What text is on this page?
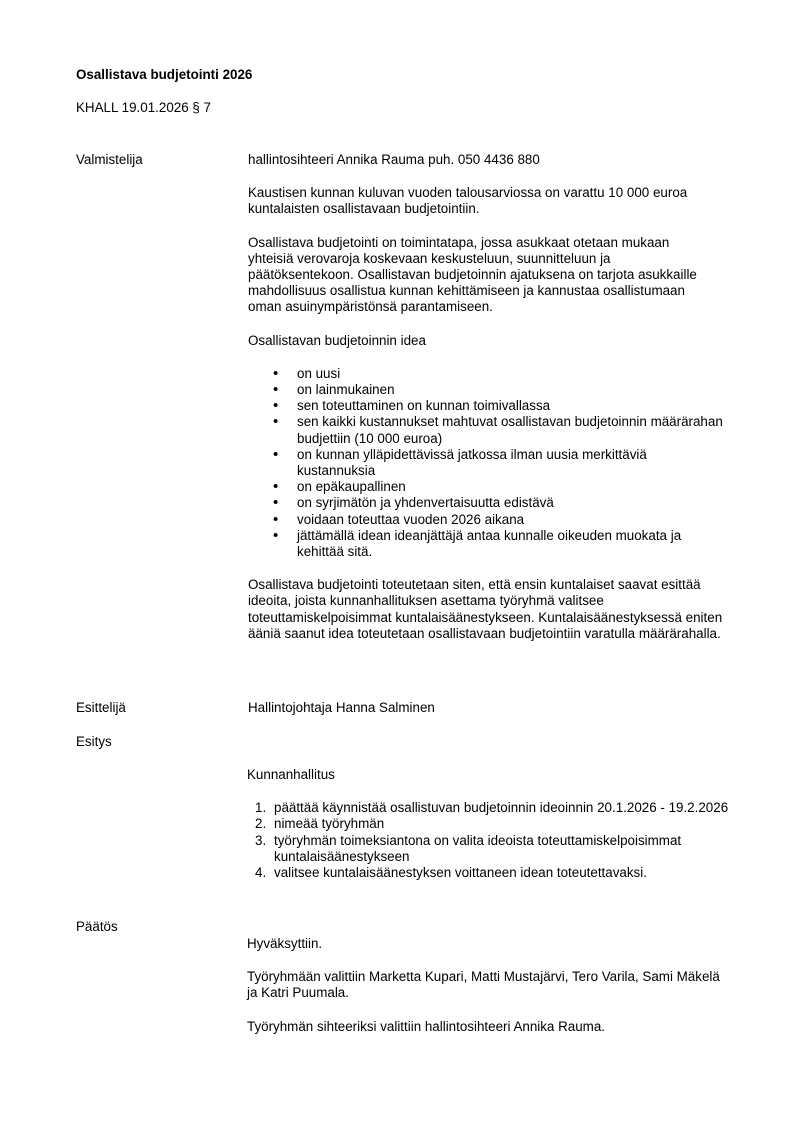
Osallistava budjetointi 2026
KHALL 19.01.2026 § 7
Valmistelija	hallintosihteeri Annika Rauma puh. 050 4436 880

Kaustisen kunnan kuluvan vuoden talousarviossa on varattu 10 000 euroa kuntalaisten osallistavaan budjetointiin.

Osallistava budjetointi on toimintatapa, jossa asukkaat otetaan mukaan yhteisiä verovaroja koskevaan keskusteluun, suunnitteluun ja päätöksentekoon. Osallistavan budjetoinnin ajatuksena on tarjota asukkaille mahdollisuus osallistua kunnan kehittämiseen ja kannustaa osallistumaan oman asuinympäristönsä parantamiseen.

Osallistavan budjetoinnin idea

• on uusi
• on lainmukainen
• sen toteuttaminen on kunnan toimivallassa
• sen kaikki kustannukset mahtuvat osallistavan budjetoinnin määrärahan budjettiin (10 000 euroa)
• on kunnan ylläpidettävissä jatkossa ilman uusia merkittäviä kustannuksia
• on epäkaupallinen
• on syrjimätön ja yhdenvertaisuutta edistävä
• voidaan toteuttaa vuoden 2026 aikana
• jättämällä idean ideanjättäjä antaa kunnalle oikeuden muokata ja kehittää sitä.

Osallistava budjetointi toteutetaan siten, että ensin kuntalaiset saavat esittää ideoita, joista kunnanhallituksen asettama työryhmä valitsee toteuttamiskelpoisimmat kuntalaisäänestykseen. Kuntalaisäänestyksessä eniten ääniä saanut idea toteutetaan osallistavaan budjetointiin varatulla määrärahalla.

Esittelijä	Hallintojohtaja Hanna Salminen
Esitys

Kunnanhallitus

1. päättää käynnistää osallistuvan budjetoinnin ideoinnin 20.1.2026 - 19.2.2026
2. nimeää työryhmän
3. työryhmän toimeksiantona on valita ideoista toteuttamiskelpoisimmat kuntalaisäänestykseen
4. valitsee kuntalaisäänestyksen voittaneen idean toteutettavaksi.
Päätös

Hyväksyttiin.

Työryhmään valittiin Marketta Kupari, Matti Mustajärvi, Tero Varila, Sami Mäkelä ja Katri Puumala.

Työryhmän sihteeriksi valittiin hallintosihteeri Annika Rauma.
